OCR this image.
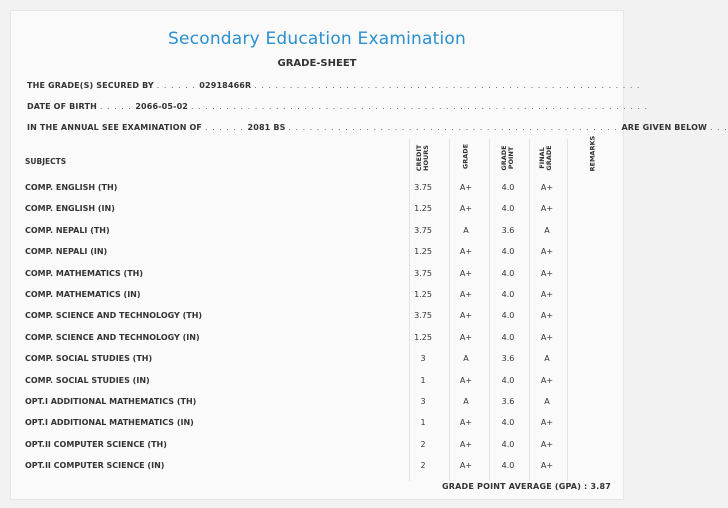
Secondary Education Examination
GRADE-SHEET
THE GRADE(S) SECURED BY . . . . . . 02918466R . . . . . . . . . . . . . . . . . . . . . . . . . . . . . . . . . . . . . . . . . . . . . . . . . . . . . . .
DATE OF BIRTH . . . . . 2066-05-02 . . . . . . . . . . . . . . . . . . . . . . . . . . . . . . . . . . . . . . . . . . . . . . . . . . . . . . . . . . . . . . . . .
IN THE ANNUAL SEE EXAMINATION OF . . . . . . 2081 BS . . . . . . . . . . . . . . . . . . . . . . . . . . . . . . . . . . . . . . . . . . . . . . . ARE GIVEN BELOW . . .
SUBJECTS	CREDIT HOURS	GRADE	GRADE POINT	FINAL GRADE	REMARKS
COMP. ENGLISH (TH)	3.75	A+	4.0	A+
COMP. ENGLISH (IN)	1.25	A+	4.0	A+
COMP. NEPALI (TH)	3.75	A	3.6	A
COMP. NEPALI (IN)	1.25	A+	4.0	A+
COMP. MATHEMATICS (TH)	3.75	A+	4.0	A+
COMP. MATHEMATICS (IN)	1.25	A+	4.0	A+
COMP. SCIENCE AND TECHNOLOGY (TH)	3.75	A+	4.0	A+
COMP. SCIENCE AND TECHNOLOGY (IN)	1.25	A+	4.0	A+
COMP. SOCIAL STUDIES (TH)	3	A	3.6	A
COMP. SOCIAL STUDIES (IN)	1	A+	4.0	A+
OPT.I ADDITIONAL MATHEMATICS (TH)	3	A	3.6	A
OPT.I ADDITIONAL MATHEMATICS (IN)	1	A+	4.0	A+
OPT.II COMPUTER SCIENCE (TH)	2	A+	4.0	A+
OPT.II COMPUTER SCIENCE (IN)	2	A+	4.0	A+
GRADE POINT AVERAGE (GPA) : 3.87
